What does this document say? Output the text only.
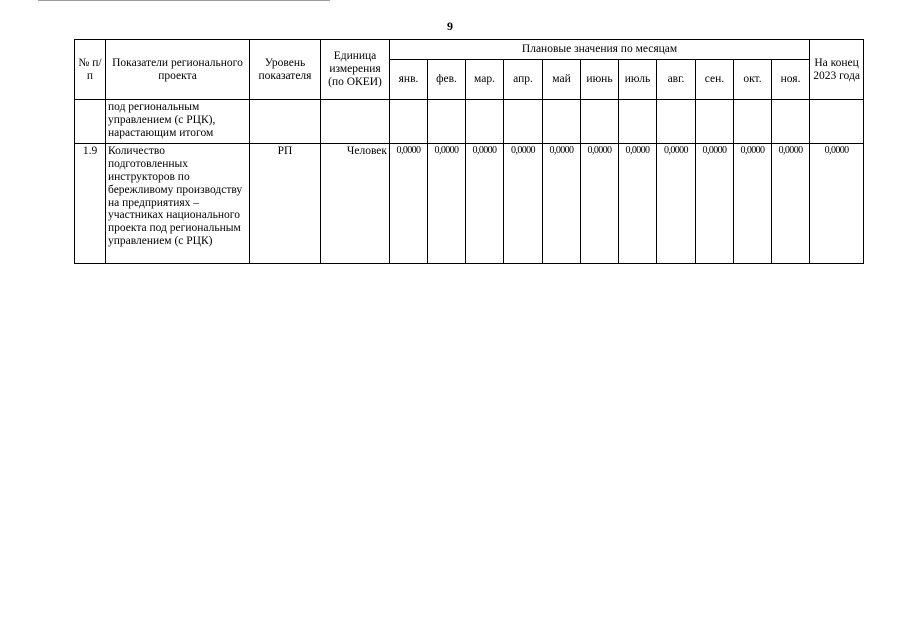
9
№ п/п	Показатели регионального проекта	Уровень показателя	Единица измерения (по ОКЕИ)	Плановые значения по месяцам											На конец 2023 года
				янв.	фев.	мар.	апр.	май	июнь	июль	авг.	сен.	окт.	ноя.	
	под региональным управлением (с РЦК), нарастающим итогом														
1.9	Количество подготовленных инструкторов по бережливому производству на предприятиях – участниках национального проекта под региональным управлением (с РЦК)	РП	Человек	0,0000	0,0000	0,0000	0,0000	0,0000	0,0000	0,0000	0,0000	0,0000	0,0000	0,0000	0,0000
